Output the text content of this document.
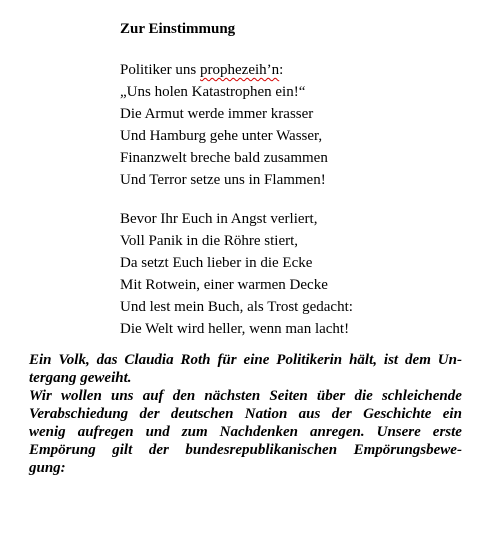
Zur Einstimmung
Politiker uns prophezeih’n:
„Uns holen Katastrophen ein!“
Die Armut werde immer krasser
Und Hamburg gehe unter Wasser,
Finanzwelt breche bald zusammen
Und Terror setze uns in Flammen!
Bevor Ihr Euch in Angst verliert,
Voll Panik in die Röhre stiert,
Da setzt Euch lieber in die Ecke
Mit Rotwein, einer warmen Decke
Und lest mein Buch, als Trost gedacht:
Die Welt wird heller, wenn man lacht!
Ein Volk, das Claudia Roth für eine Politikerin hält, ist dem Un-
tergang geweiht.
Wir wollen uns auf den nächsten Seiten über die schleichende
Verabschiedung der deutschen Nation aus der Geschichte ein
wenig aufregen und zum Nachdenken anregen. Unsere erste
Empörung gilt der bundesrepublikanischen Empörungsbewe-
gung:
